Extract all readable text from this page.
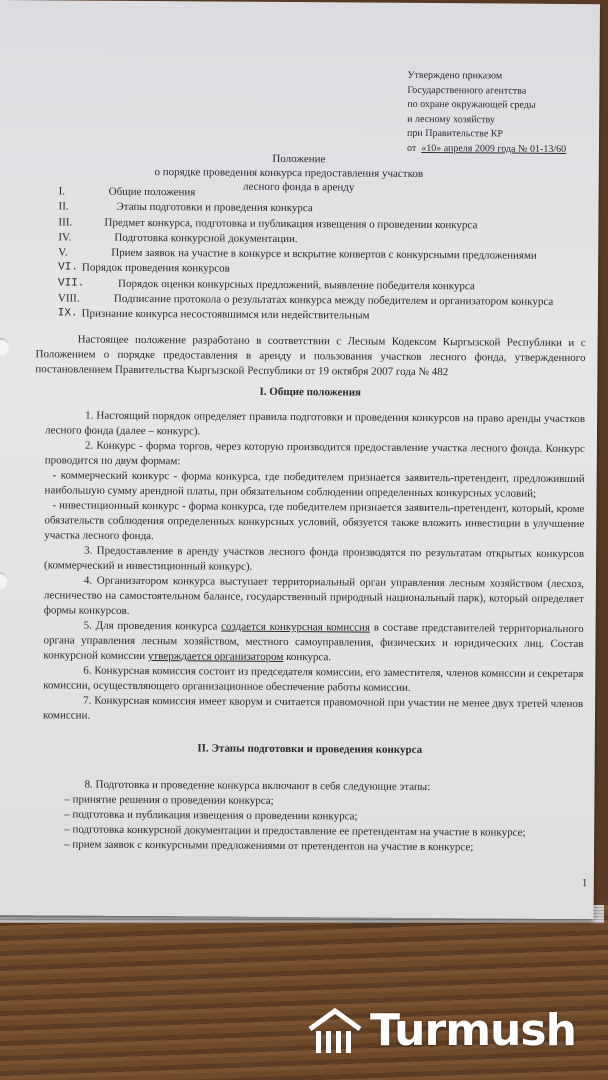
Утверждено приказом
Государственного агентства
по охране окружающей среды
и лесному хозяйству
при Правительстве КР
от «10» апреля 2009 года № 01-13/60
Положение
о порядке проведения конкурса предоставления участков
лесного фонда в аренду
I.	Общие положения
II.	Этапы подготовки и проведения конкурса
III.	Предмет конкурса, подготовка и публикация извещения о проведении конкурса
IV.	Подготовка конкурсной документации.
V.	Прием заявок на участие в конкурсе и вскрытие конвертов с конкурсными предложениями
VI. Порядок проведения конкурсов
VII.	Порядок оценки конкурсных предложений, выявление победителя конкурса
VIII.	Подписание протокола о результатах конкурса между победителем и организатором конкурса
IX. Признание конкурса несостоявшимся или недействительным

Настоящее положение разработано в соответствии с Лесным Кодексом Кыргызской Республики и с Положением о порядке предоставления в аренду и пользования участков лесного фонда, утвержденного постановлением Правительства Кыргызской Республики от 19 октября 2007 года № 482

I. Общие положения

1. Настоящий порядок определяет правила подготовки и проведения конкурсов на право аренды участков лесного фонда (далее – конкурс).

2. Конкурс - форма торгов, через которую производится предоставление участка лесного фонда. Конкурс проводится по двум формам:

- коммерческий конкурс - форма конкурса, где победителем признается заявитель-претендент, предложивший наибольшую сумму арендной платы, при обязательном соблюдении определенных конкурсных условий;

- инвестиционный конкурс - форма конкурса, где победителем признается заявитель-претендент, который, кроме обязательств соблюдения определенных конкурсных условий, обязуется также вложить инвестиции в улучшение участка лесного фонда.

3. Предоставление в аренду участков лесного фонда производятся по результатам открытых конкурсов (коммерческий и инвестиционный конкурс).

4. Организатором конкурса выступает территориальный орган управления лесным хозяйством (лесхоз, лесничество на самостоятельном балансе, государственный природный национальный парк), который определяет формы конкурсов.

5. Для проведения конкурса создается конкурсная комиссия в составе представителей территориального органа управления лесным хозяйством, местного самоуправления, физических и юридических лиц. Состав конкурсной комиссии утверждается организатором конкурса.

6. Конкурсная комиссия состоит из председателя комиссии, его заместителя, членов комиссии и секретаря комиссии, осуществляющего организационное обеспечение работы комиссии.

7. Конкурсная комиссия имеет кворум и считается правомочной при участии не менее двух третей членов комиссии.

II. Этапы подготовки и проведения конкурса

8. Подготовка и проведение конкурса включают в себя следующие этапы:

– принятие решения о проведении конкурса;

– подготовка и публикация извещения о проведении конкурса;

– подготовка конкурсной документации и предоставление ее претендентам на участие в конкурсе;

– прием заявок с конкурсными предложениями от претендентов на участие в конкурсе;

1
Turmush
